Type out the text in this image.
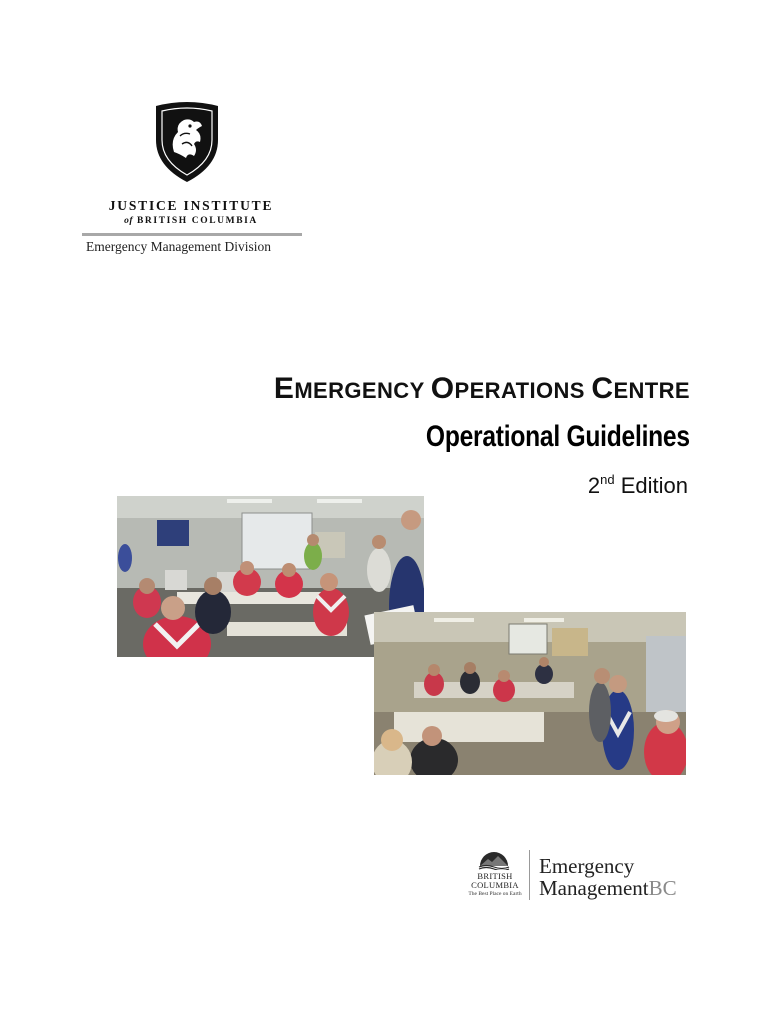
JUSTICE INSTITUTE
of BRITISH COLUMBIA
Emergency Management Division
EMERGENCY OPERATIONS CENTRE
Operational Guidelines
2nd Edition
BRITISH
COLUMBIA
The Best Place on Earth
Emergency
ManagementBC
